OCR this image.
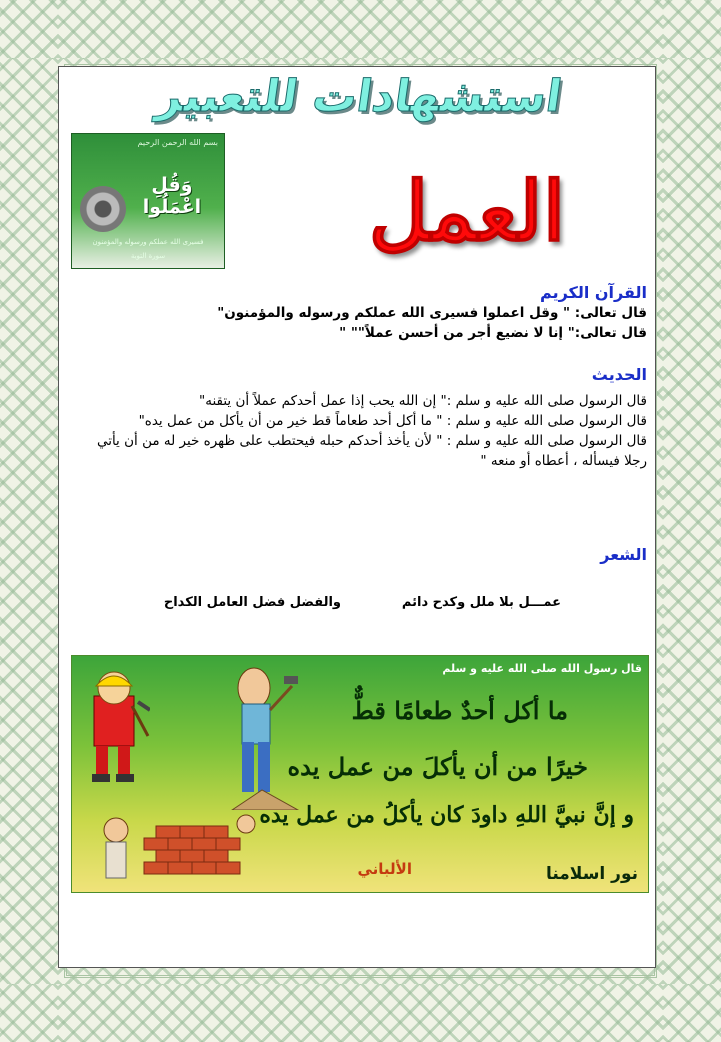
استشهادات للتعبير
بسم الله الرحمن الرحيم
وَقُلِ اعْمَلُوا
فسيرى الله عملكم ورسوله والمؤمنون
سورة التوبة	العمل
القرآن الكريم
قال تعالى: " وقل اعملوا فسيرى الله عملكم ورسوله والمؤمنون"
قال تعالى:" إنا لا نضيع أجر من أحسن عملاً"" "
الحديث
قال الرسول صلى الله عليه و سلم :" إن الله يحب إذا عمل أحدكم عملاً أن يتقنه"
قال الرسول صلى الله عليه و سلم : " ما أكل أحد طعاماً قط خير من أن يأكل من عمل يده"
قال الرسول صلى الله عليه و سلم : " لأن يأخذ أحدكم حبله فيحتطب على ظهره خير له من أن يأتي رجلا فيسأله ، أعطاه أو منعه "
الشعر
عمـــل بلا ملل وكدح دائم
والفضل فضل العامل الكداح
قال رسول الله صلى الله عليه و سلم
ما أكل أحدٌ طعامًا قطٌّ
خيرًا من أن يأكلَ من عمل يده
و إنَّ نبيَّ اللهِ داودَ كان يأكلُ من عمل يده
نور اسلامنا
الألباني
